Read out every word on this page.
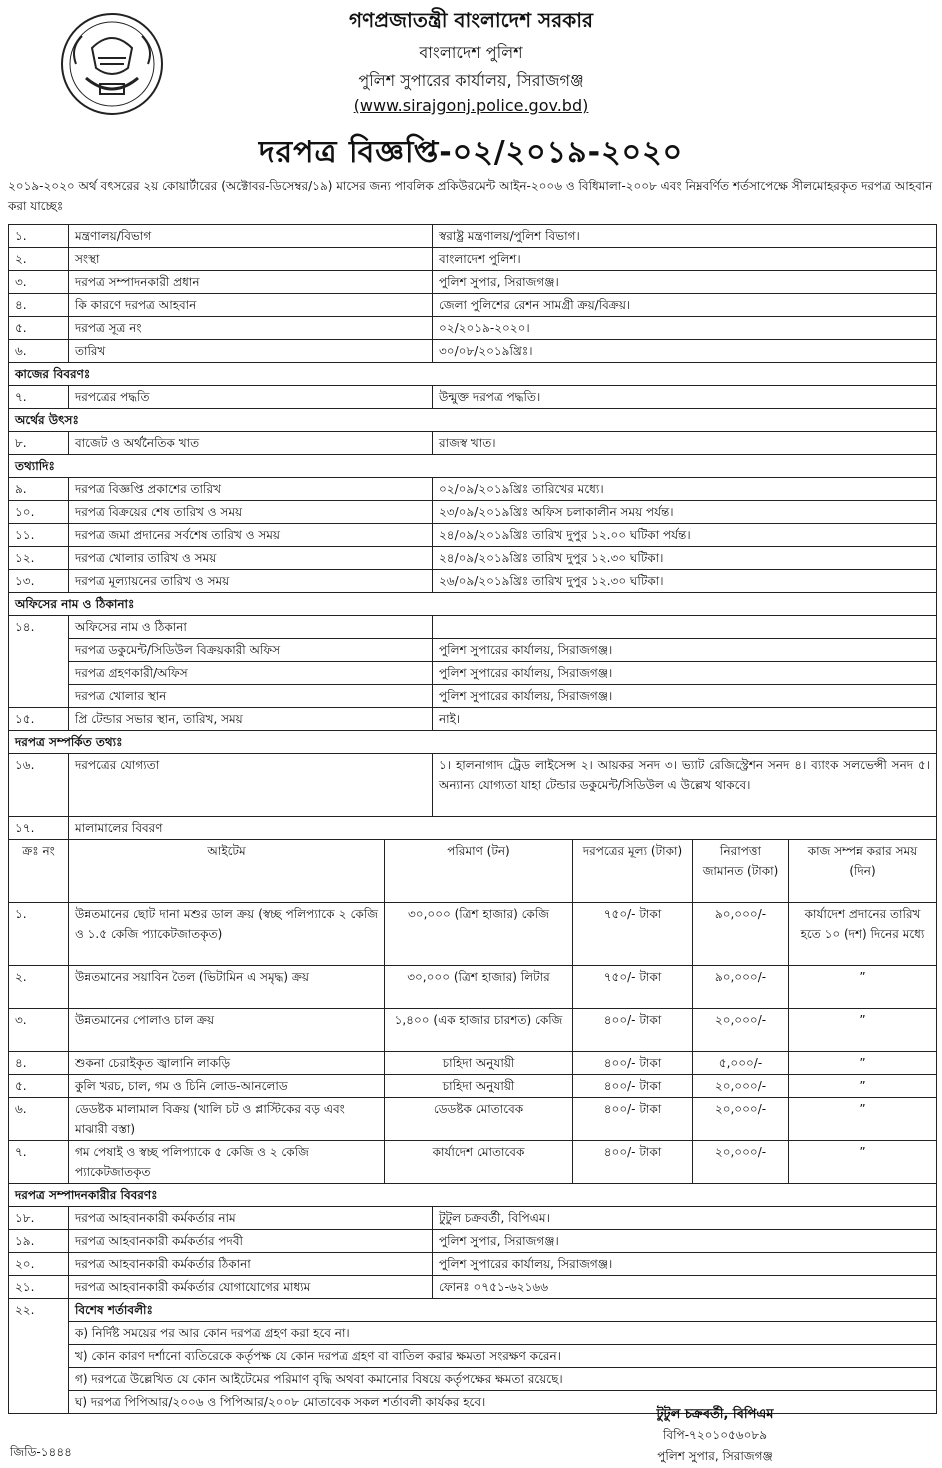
গণপ্রজাতন্ত্রী বাংলাদেশ সরকার
বাংলাদেশ পুলিশ
পুলিশ সুপারের কার্যালয়, সিরাজগঞ্জ
(www.sirajgonj.police.gov.bd)
দরপত্র বিজ্ঞপ্তি-০২/২০১৯-২০২০
২০১৯-২০২০ অর্থ বৎসরের ২য় কোয়ার্টারের (অক্টোবর-ডিসেম্বর/১৯) মাসের জন্য পাবলিক প্রকিউরমেন্ট আইন-২০০৬ ও বিধিমালা-২০০৮ এবং নিম্নবর্ণিত শর্তসাপেক্ষে সীলমোহরকৃত দরপত্র আহবান করা যাচ্ছেঃ
১.	মন্ত্রণালয়/বিভাগ		স্বরাষ্ট্র মন্ত্রণালয়/পুলিশ বিভাগ।			
২.	সংস্থা		বাংলাদেশ পুলিশ।			
৩.	দরপত্র সম্পাদনকারী প্রধান		পুলিশ সুপার, সিরাজগঞ্জ।			
৪.	কি কারণে দরপত্র আহবান		জেলা পুলিশের রেশন সামগ্রী ক্রয়/বিক্রয়।			
৫.	দরপত্র সূত্র নং		০২/২০১৯-২০২০।			
৬.	তারিখ		৩০/০৮/২০১৯খ্রিঃ।			
কাজের বিবরণঃ						
৭.	দরপত্রের পদ্ধতি		উন্মুক্ত দরপত্র পদ্ধতি।			
অর্থের উৎসঃ						
৮.	বাজেট ও অর্থনৈতিক খাত		রাজস্ব খাত।			
তথ্যাদিঃ						
৯.	দরপত্র বিজ্ঞপ্তি প্রকাশের তারিখ		০২/০৯/২০১৯খ্রিঃ তারিখের মধ্যে।			
১০.	দরপত্র বিক্রয়ের শেষ তারিখ ও সময়		২৩/০৯/২০১৯খ্রিঃ অফিস চলাকালীন সময় পর্যন্ত।			
১১.	দরপত্র জমা প্রদানের সর্বশেষ তারিখ ও সময়		২৪/০৯/২০১৯খ্রিঃ তারিখ দুপুর ১২.০০ ঘটিকা পর্যন্ত।			
১২.	দরপত্র খোলার তারিখ ও সময়		২৪/০৯/২০১৯খ্রিঃ তারিখ দুপুর ১২.৩০ ঘটিকা।			
১৩.	দরপত্র মূল্যায়নের তারিখ ও সময়		২৬/০৯/২০১৯খ্রিঃ তারিখ দুপুর ১২.৩০ ঘটিকা।			
অফিসের নাম ও ঠিকানাঃ						
১৪.	অফিসের নাম ও ঠিকানা					
	দরপত্র ডকুমেন্ট/সিডিউল বিক্রয়কারী অফিস		পুলিশ সুপারের কার্যালয়, সিরাজগঞ্জ।			
	দরপত্র গ্রহণকারী/অফিস		পুলিশ সুপারের কার্যালয়, সিরাজগঞ্জ।			
	দরপত্র খোলার স্থান		পুলিশ সুপারের কার্যালয়, সিরাজগঞ্জ।			
১৫.	প্রি টেন্ডার সভার স্থান, তারিখ, সময়		নাই।			
দরপত্র সম্পর্কিত তথ্যঃ						
১৬.	দরপত্রের যোগ্যতা		১। হালনাগাদ ট্রেড লাইসেন্স ২। আয়কর সনদ ৩। ভ্যাট রেজিস্ট্রেশন সনদ ৪। ব্যাংক সলভেন্সী সনদ ৫। অন্যান্য যোগ্যতা যাহা টেন্ডার ডকুমেন্ট/সিডিউল এ উল্লেখ থাকবে।			
১৭.	মালামালের বিবরণ					
ক্রঃ নং	আইটেম	পরিমাণ (টন)		দরপত্রের মূল্য (টাকা)	নিরাপত্তা জামানত (টাকা)	কাজ সম্পন্ন করার সময় (দিন)
১.	উন্নতমানের ছোট দানা মশুর ডাল ক্রয় (স্বচ্ছ পলিপ্যাকে ২ কেজি ও ১.৫ কেজি প্যাকেটজাতকৃত)	৩০,০০০ (ত্রিশ হাজার) কেজি		৭৫০/- টাকা	৯০,০০০/-	কার্যাদেশ প্রদানের তারিখ হতে ১০ (দশ) দিনের মধ্যে
২.	উন্নতমানের সয়াবিন তৈল (ভিটামিন এ সমৃদ্ধ) ক্রয়	৩০,০০০ (ত্রিশ হাজার) লিটার		৭৫০/- টাকা	৯০,০০০/-	”
৩.	উন্নতমানের পোলাও চাল ক্রয়	১,৪০০ (এক হাজার চারশত) কেজি		৪০০/- টাকা	২০,০০০/-	”
৪.	শুকনা চেরাইকৃত জ্বালানি লাকড়ি	চাহিদা অনুযায়ী		৪০০/- টাকা	৫,০০০/-	”
৫.	কুলি খরচ, চাল, গম ও চিনি লোড-আনলোড	চাহিদা অনুযায়ী		৪০০/- টাকা	২০,০০০/-	”
৬.	ডেডষ্টক মালামাল বিক্রয় (খালি চট ও প্লাস্টিকের বড় এবং মাঝারী বস্তা)	ডেডষ্টক মোতাবেক		৪০০/- টাকা	২০,০০০/-	”
৭.	গম পেষাই ও স্বচ্ছ পলিপ্যাকে ৫ কেজি ও ২ কেজি প্যাকেটজাতকৃত	কার্যাদেশ মোতাবেক		৪০০/- টাকা	২০,০০০/-	”
দরপত্র সম্পাদনকারীর বিবরণঃ						
১৮.	দরপত্র আহবানকারী কর্মকর্তার নাম		টুটুল চক্রবর্তী, বিপিএম।			
১৯.	দরপত্র আহবানকারী কর্মকর্তার পদবী		পুলিশ সুপার, সিরাজগঞ্জ।			
২০.	দরপত্র আহবানকারী কর্মকর্তার ঠিকানা		পুলিশ সুপারের কার্যালয়, সিরাজগঞ্জ।			
২১.	দরপত্র আহবানকারী কর্মকর্তার যোগাযোগের মাধ্যম		ফোনঃ ০৭৫১-৬২১৬৬			
২২.	বিশেষ শর্তাবলীঃ					
	ক) নির্দিষ্ট সময়ের পর আর কোন দরপত্র গ্রহণ করা হবে না।					
	খ) কোন কারণ দর্শানো ব্যতিরেকে কর্তৃপক্ষ যে কোন দরপত্র গ্রহণ বা বাতিল করার ক্ষমতা সংরক্ষণ করেন।					
	গ) দরপত্রে উল্লেখিত যে কোন আইটেমের পরিমাণ বৃদ্ধি অথবা কমানোর বিষয়ে কর্তৃপক্ষের ক্ষমতা রয়েছে।					
	ঘ) দরপত্র পিপিআর/২০০৬ ও পিপিআর/২০০৮ মোতাবেক সকল শর্তাবলী কার্যকর হবে।					
টুটুল চক্রবর্তী, বিপিএম
বিপি-৭২০১০৫৬০৮৯
পুলিশ সুপার, সিরাজগঞ্জ
জিডি-১৪৪৪
